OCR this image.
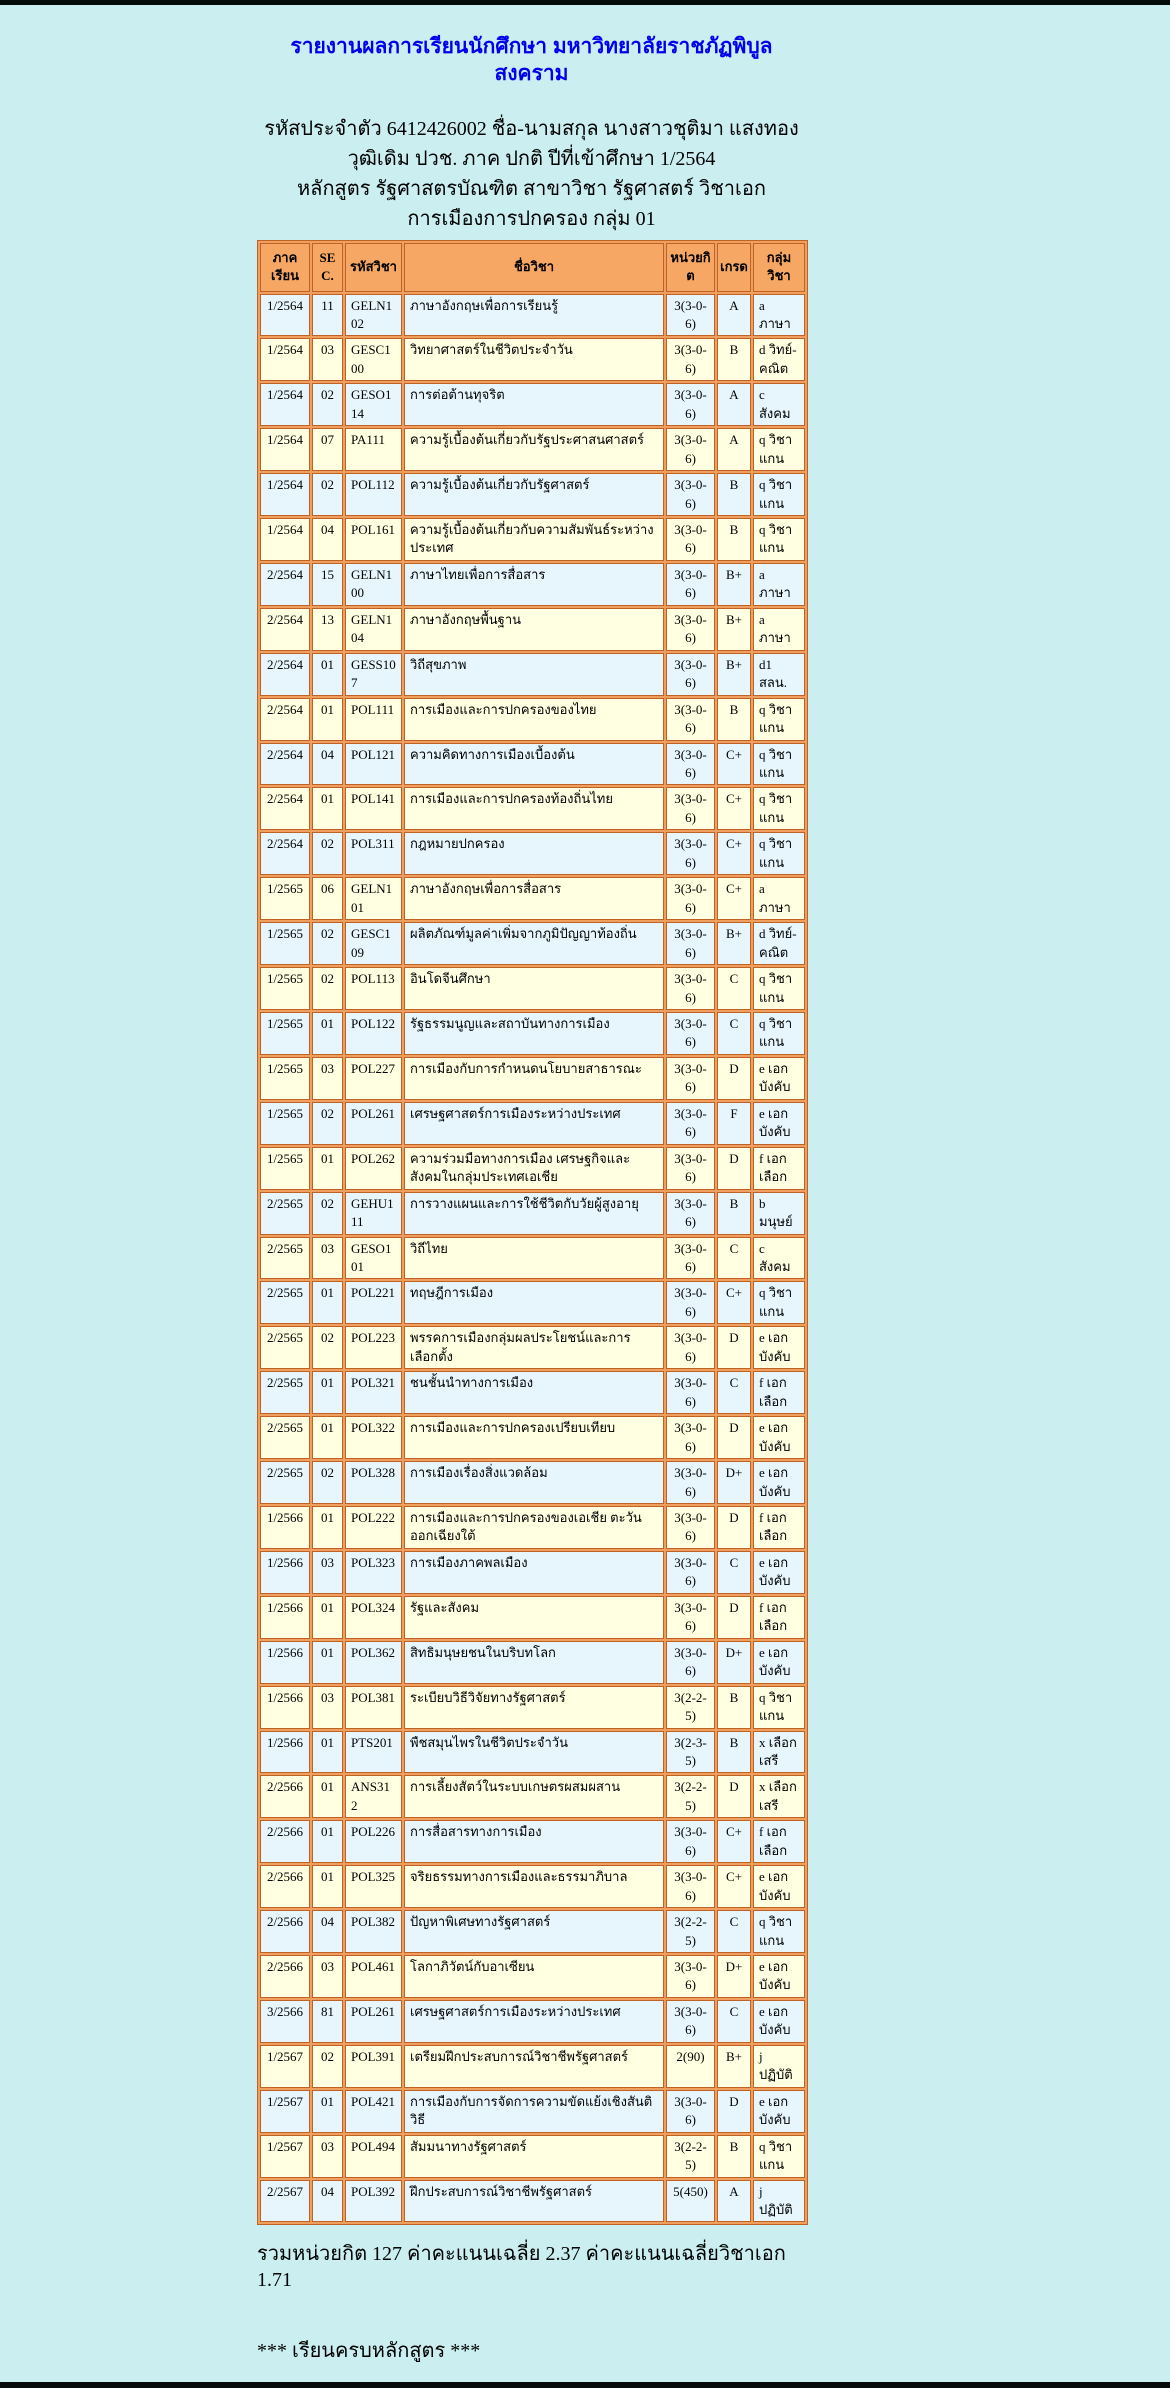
รายงานผลการเรียนนักศึกษา มหาวิทยาลัยราชภัฏพิบูลสงคราม
รหัสประจำตัว 6412426002 ชื่อ-นามสกุล นางสาวชุติมา แสงทอง วุฒิเดิม ปวช. ภาค ปกติ ปีที่เข้าศึกษา 1/2564
หลักสูตร รัฐศาสตรบัณฑิต สาขาวิชา รัฐศาสตร์ วิชาเอก การเมืองการปกครอง กลุ่ม 01
ภาคเรียน	SEC.	รหัสวิชา	ชื่อวิชา	หน่วยกิต	เกรด	กลุ่มวิชา
1/2564	11	GELN102	ภาษาอังกฤษเพื่อการเรียนรู้	3(3-0-6)	A	a ภาษา
1/2564	03	GESC100	วิทยาศาสตร์ในชีวิตประจำวัน	3(3-0-6)	B	d วิทย์-คณิต
1/2564	02	GESO114	การต่อต้านทุจริต	3(3-0-6)	A	c สังคม
1/2564	07	PA111	ความรู้เบื้องต้นเกี่ยวกับรัฐประศาสนศาสตร์	3(3-0-6)	A	q วิชาแกน
1/2564	02	POL112	ความรู้เบื้องต้นเกี่ยวกับรัฐศาสตร์	3(3-0-6)	B	q วิชาแกน
1/2564	04	POL161	ความรู้เบื้องต้นเกี่ยวกับความสัมพันธ์ระหว่างประเทศ	3(3-0-6)	B	q วิชาแกน
2/2564	15	GELN100	ภาษาไทยเพื่อการสื่อสาร	3(3-0-6)	B+	a ภาษา
2/2564	13	GELN104	ภาษาอังกฤษพื้นฐาน	3(3-0-6)	B+	a ภาษา
2/2564	01	GESS107	วิถีสุขภาพ	3(3-0-6)	B+	d1 สลน.
2/2564	01	POL111	การเมืองและการปกครองของไทย	3(3-0-6)	B	q วิชาแกน
2/2564	04	POL121	ความคิดทางการเมืองเบื้องต้น	3(3-0-6)	C+	q วิชาแกน
2/2564	01	POL141	การเมืองและการปกครองท้องถิ่นไทย	3(3-0-6)	C+	q วิชาแกน
2/2564	02	POL311	กฎหมายปกครอง	3(3-0-6)	C+	q วิชาแกน
1/2565	06	GELN101	ภาษาอังกฤษเพื่อการสื่อสาร	3(3-0-6)	C+	a ภาษา
1/2565	02	GESC109	ผลิตภัณฑ์มูลค่าเพิ่มจากภูมิปัญญาท้องถิ่น	3(3-0-6)	B+	d วิทย์-คณิต
1/2565	02	POL113	อินโดจีนศึกษา	3(3-0-6)	C	q วิชาแกน
1/2565	01	POL122	รัฐธรรมนูญและสถาบันทางการเมือง	3(3-0-6)	C	q วิชาแกน
1/2565	03	POL227	การเมืองกับการกำหนดนโยบายสาธารณะ	3(3-0-6)	D	e เอกบังคับ
1/2565	02	POL261	เศรษฐศาสตร์การเมืองระหว่างประเทศ	3(3-0-6)	F	e เอกบังคับ
1/2565	01	POL262	ความร่วมมือทางการเมือง เศรษฐกิจและสังคมในกลุ่มประเทศเอเชีย	3(3-0-6)	D	f เอกเลือก
2/2565	02	GEHU111	การวางแผนและการใช้ชีวิตกับวัยผู้สูงอายุ	3(3-0-6)	B	b มนุษย์
2/2565	03	GESO101	วิถีไทย	3(3-0-6)	C	c สังคม
2/2565	01	POL221	ทฤษฎีการเมือง	3(3-0-6)	C+	q วิชาแกน
2/2565	02	POL223	พรรคการเมืองกลุ่มผลประโยชน์และการเลือกตั้ง	3(3-0-6)	D	e เอกบังคับ
2/2565	01	POL321	ชนชั้นนำทางการเมือง	3(3-0-6)	C	f เอกเลือก
2/2565	01	POL322	การเมืองและการปกครองเปรียบเทียบ	3(3-0-6)	D	e เอกบังคับ
2/2565	02	POL328	การเมืองเรื่องสิ่งแวดล้อม	3(3-0-6)	D+	e เอกบังคับ
1/2566	01	POL222	การเมืองและการปกครองของเอเชีย ตะวันออกเฉียงใต้	3(3-0-6)	D	f เอกเลือก
1/2566	03	POL323	การเมืองภาคพลเมือง	3(3-0-6)	C	e เอกบังคับ
1/2566	01	POL324	รัฐและสังคม	3(3-0-6)	D	f เอกเลือก
1/2566	01	POL362	สิทธิมนุษยชนในบริบทโลก	3(3-0-6)	D+	e เอกบังคับ
1/2566	03	POL381	ระเบียบวิธีวิจัยทางรัฐศาสตร์	3(2-2-5)	B	q วิชาแกน
1/2566	01	PTS201	พืชสมุนไพรในชีวิตประจำวัน	3(2-3-5)	B	x เลือกเสรี
2/2566	01	ANS312	การเลี้ยงสัตว์ในระบบเกษตรผสมผสาน	3(2-2-5)	D	x เลือกเสรี
2/2566	01	POL226	การสื่อสารทางการเมือง	3(3-0-6)	C+	f เอกเลือก
2/2566	01	POL325	จริยธรรมทางการเมืองและธรรมาภิบาล	3(3-0-6)	C+	e เอกบังคับ
2/2566	04	POL382	ปัญหาพิเศษทางรัฐศาสตร์	3(2-2-5)	C	q วิชาแกน
2/2566	03	POL461	โลกาภิวัตน์กับอาเซียน	3(3-0-6)	D+	e เอกบังคับ
3/2566	81	POL261	เศรษฐศาสตร์การเมืองระหว่างประเทศ	3(3-0-6)	C	e เอกบังคับ
1/2567	02	POL391	เตรียมฝึกประสบการณ์วิชาชีพรัฐศาสตร์	2(90)	B+	j ปฏิบัติ
1/2567	01	POL421	การเมืองกับการจัดการความขัดแย้งเชิงสันติวิธี	3(3-0-6)	D	e เอกบังคับ
1/2567	03	POL494	สัมมนาทางรัฐศาสตร์	3(2-2-5)	B	q วิชาแกน
2/2567	04	POL392	ฝึกประสบการณ์วิชาชีพรัฐศาสตร์	5(450)	A	j ปฏิบัติ
รวมหน่วยกิต 127 ค่าคะแนนเฉลี่ย 2.37 ค่าคะแนนเฉลี่ยวิชาเอก 1.71
*** เรียนครบหลักสูตร ***
